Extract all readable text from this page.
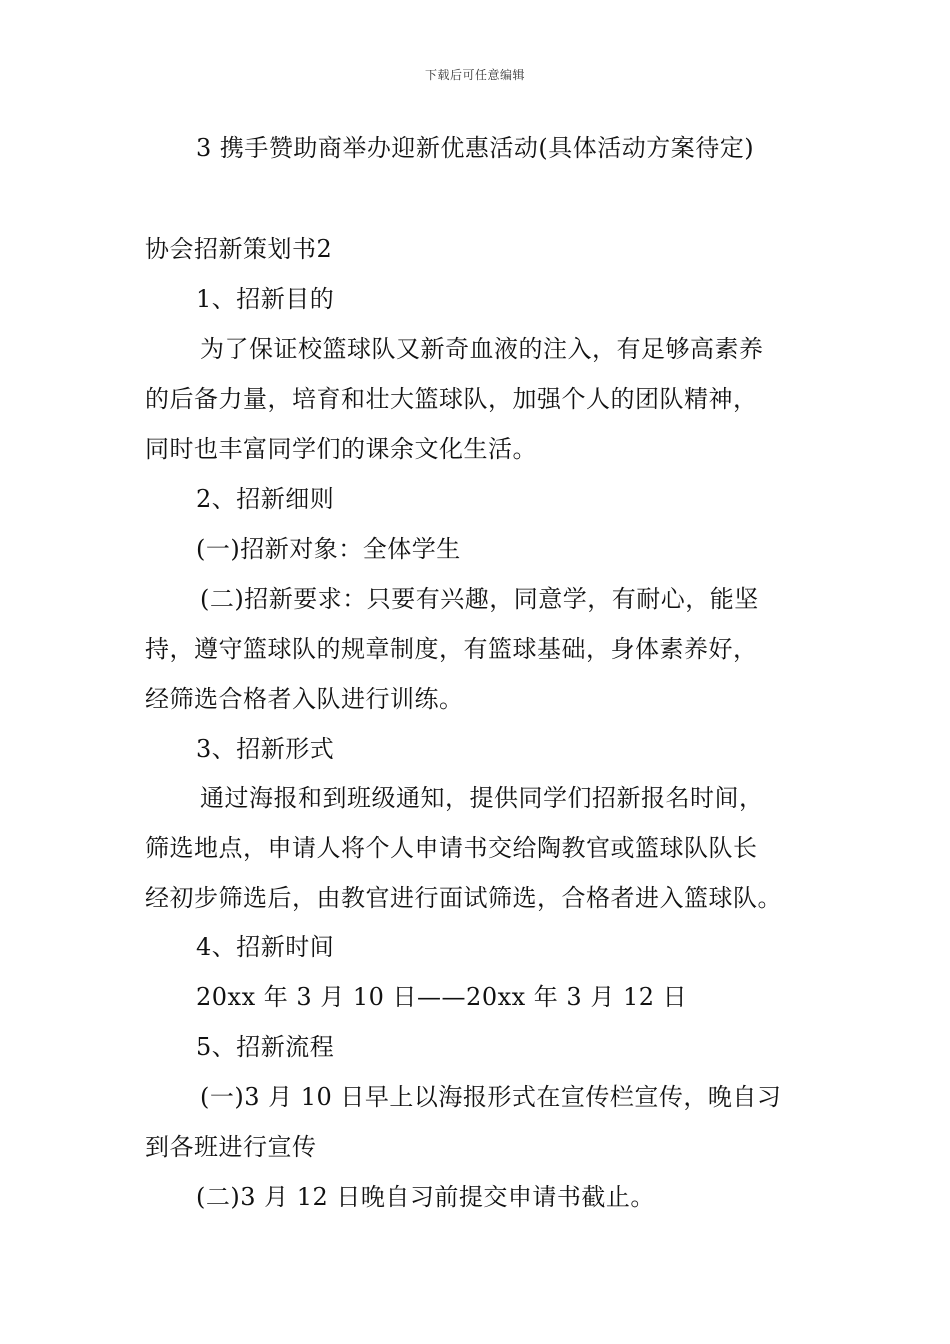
下载后可任意编辑
3 携手赞助商举办迎新优惠活动(具体活动方案待定)
协会招新策划书2
1、招新目的
为了保证校篮球队又新奇血液的注入，有足够高素养
的后备力量，培育和壮大篮球队，加强个人的团队精神，
同时也丰富同学们的课余文化生活。
2、招新细则
(一)招新对象：全体学生
(二)招新要求：只要有兴趣，同意学，有耐心，能坚
持，遵守篮球队的规章制度，有篮球基础，身体素养好，
经筛选合格者入队进行训练。
3、招新形式
通过海报和到班级通知，提供同学们招新报名时间，
筛选地点，申请人将个人申请书交给陶教官或篮球队队长
经初步筛选后，由教官进行面试筛选，合格者进入篮球队。
4、招新时间
20xx 年 3 月 10 日——20xx 年 3 月 12 日
5、招新流程
(一)3 月 10 日早上以海报形式在宣传栏宣传，晚自习
到各班进行宣传
(二)3 月 12 日晚自习前提交申请书截止。
